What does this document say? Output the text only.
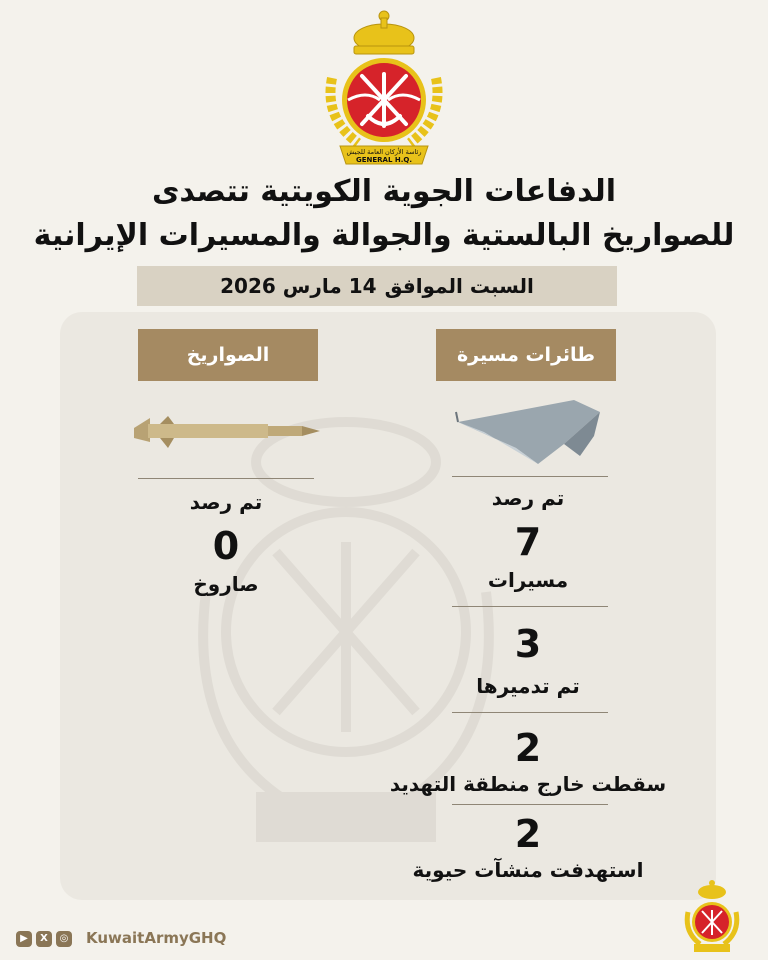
رئاسة الأركان العامة للجيش
GENERAL H.Q.
الدفاعات الجوية الكويتية تتصدى
للصواريخ البالستية والجوالة والمسيرات الإيرانية
السبت الموافق
14 مارس 2026
طائرات مسيرة
الصواريخ
تم رصد
0
صاروخ
تم رصد
7
مسيرات
3
تم تدميرها
2
سقطت خارج منطقة التهديد
2
استهدفت منشآت حيوية
▶	X	◎ KuwaitArmyGHQ
